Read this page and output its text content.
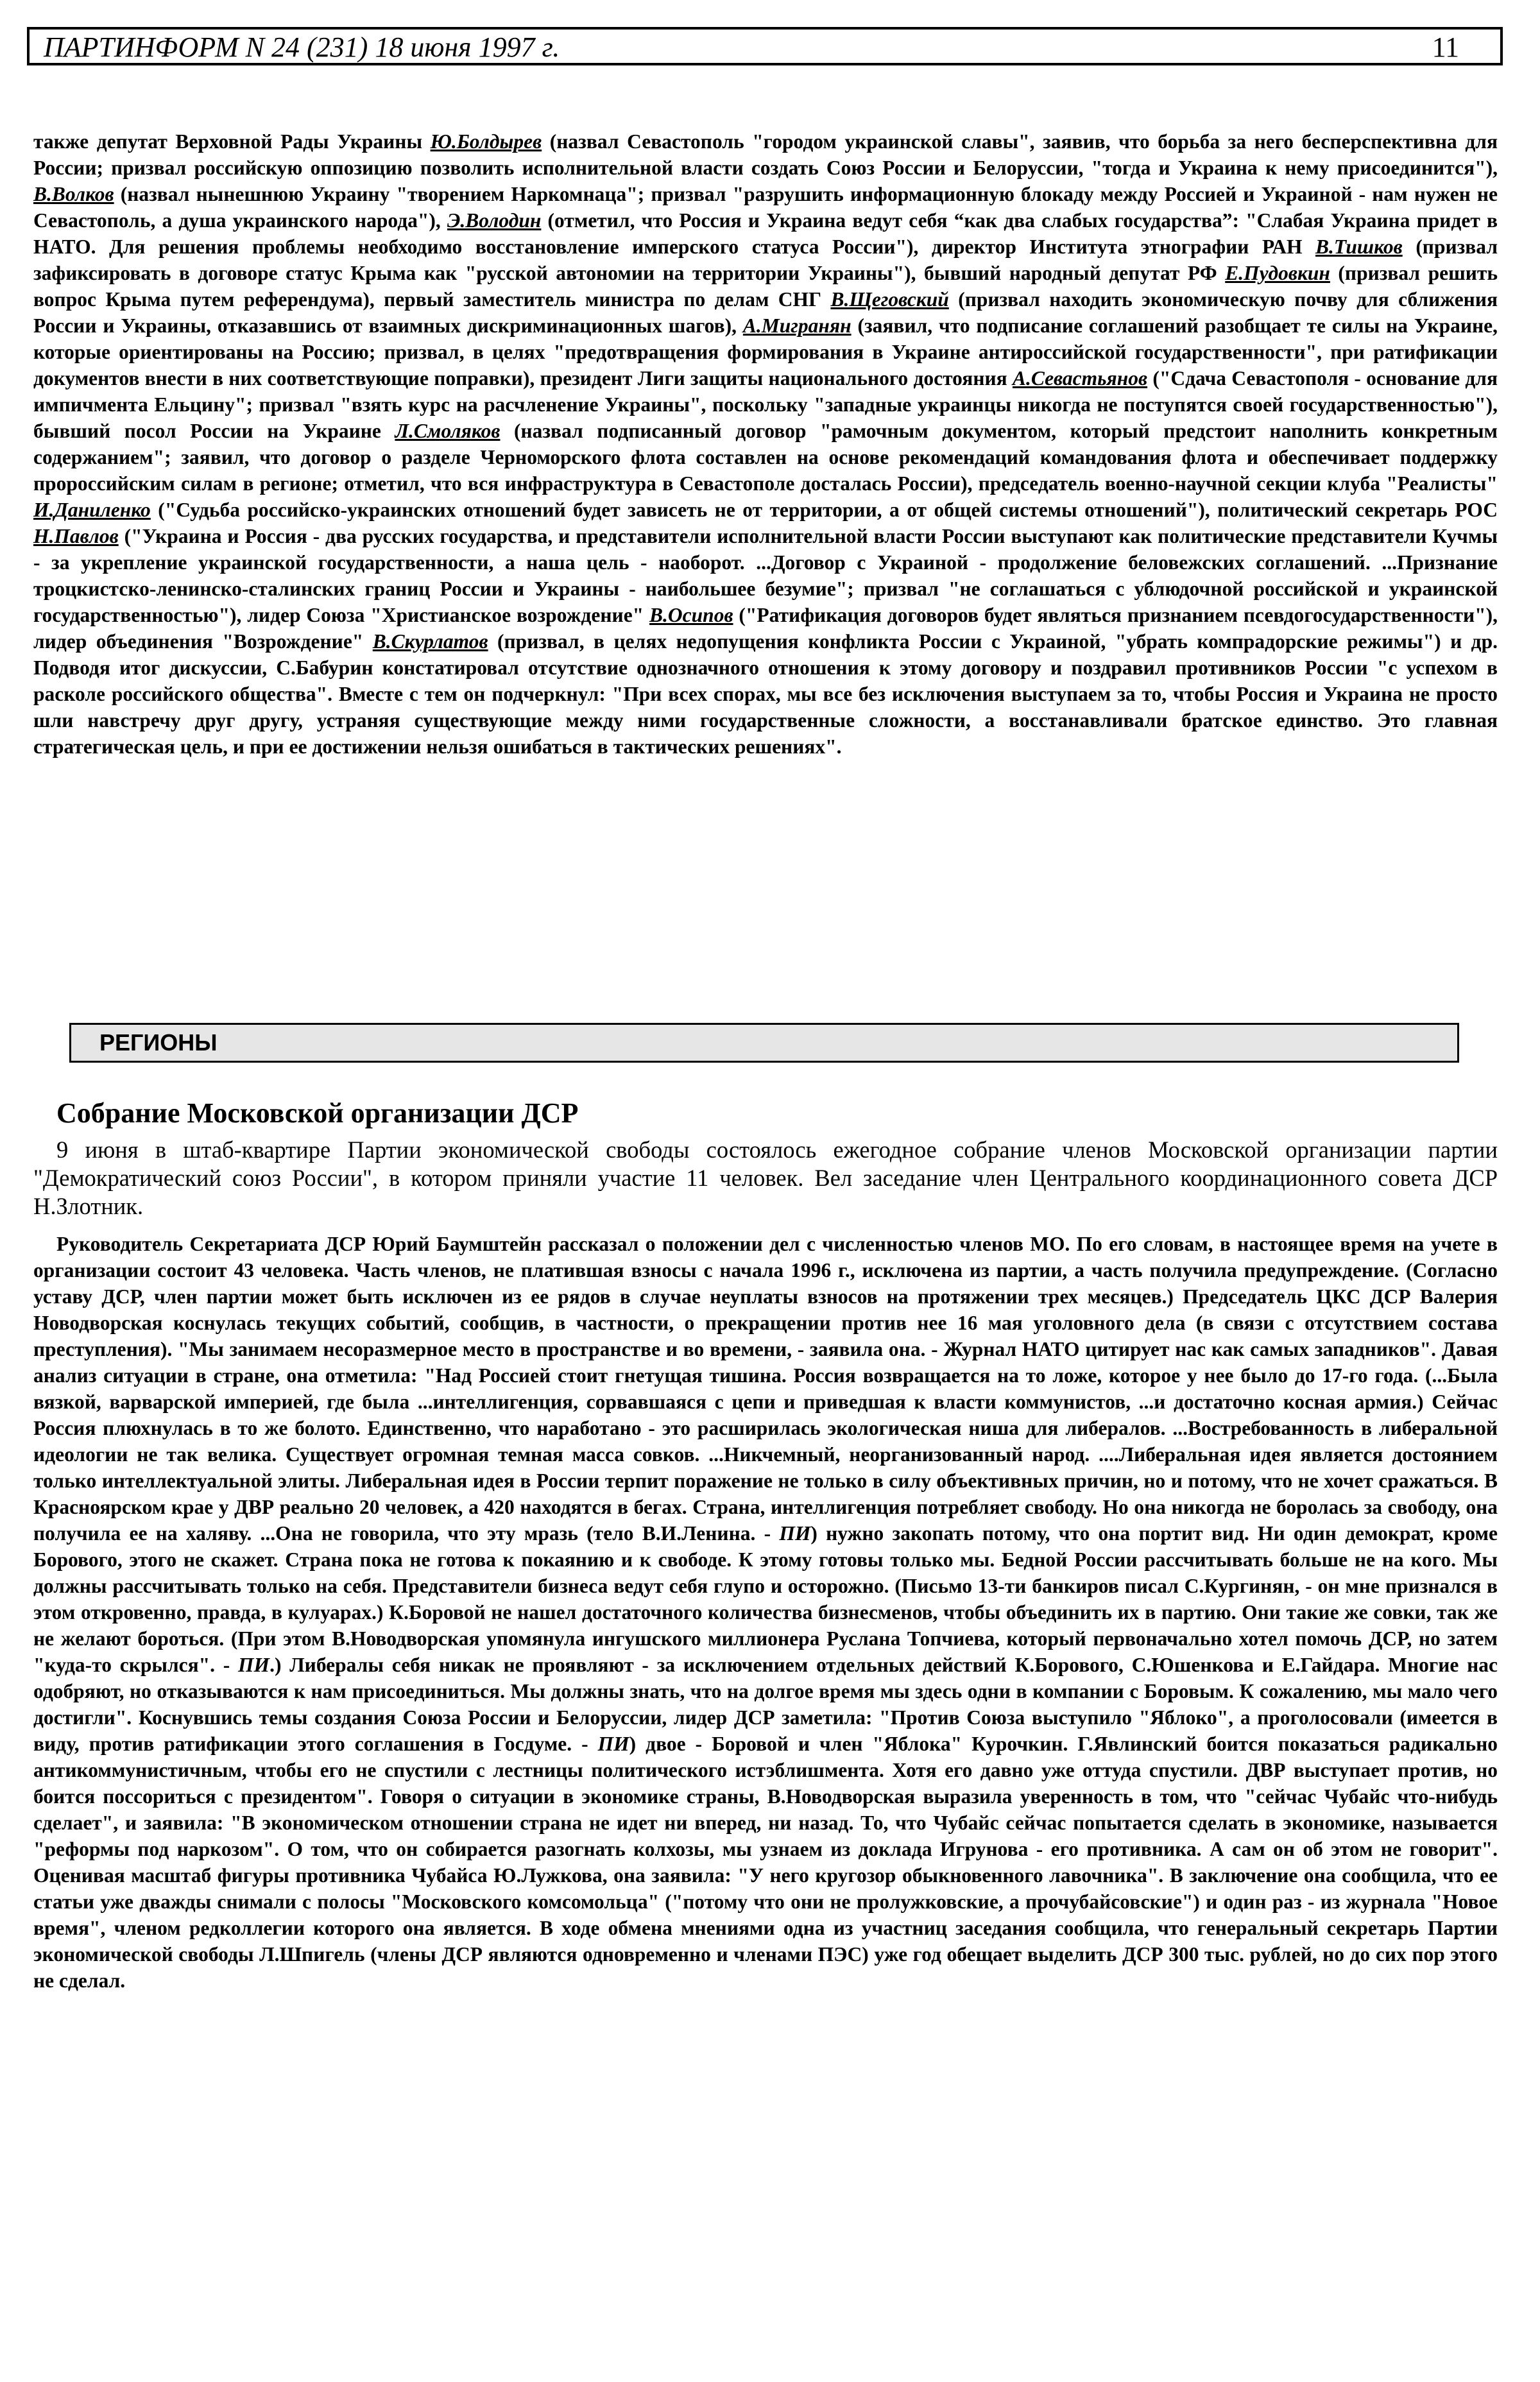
ПАРТИНФОРМ N 24 (231) 18 июня 1997 г.	11

также депутат Верховной Рады Украины Ю.Болдырев (назвал Севастополь "городом украинской славы", заявив, что борьба за него бесперспективна для России; призвал российскую оппозицию позволить исполнительной власти создать Союз России и Белоруссии, "тогда и Украина к нему присоединится"), В.Волков (назвал нынешнюю Украину "творением Наркомнаца"; призвал "разрушить информационную блокаду между Россией и Украиной - нам нужен не Севастополь, а душа украинского народа"), Э.Володин (отметил, что Россия и Украина ведут себя “как два слабых государства”: "Слабая Украина придет в НАТО. Для решения проблемы необходимо восстановление имперского статуса России"), директор Института этнографии РАН В.Тишков (призвал зафиксировать в договоре статус Крыма как "русской автономии на территории Украины"), бывший народный депутат РФ Е.Пудовкин (призвал решить вопрос Крыма путем референдума), первый заместитель министра по делам СНГ В.Щеговский (призвал находить экономическую почву для сближения России и Украины, отказавшись от взаимных дискриминационных шагов), А.Мигранян (заявил, что подписание соглашений разобщает те силы на Украине, которые ориентированы на Россию; призвал, в целях "предотвращения формирования в Украине антироссийской государственности", при ратификации документов внести в них соответствующие поправки), президент Лиги защиты национального достояния А.Севастьянов ("Сдача Севастополя - основание для импичмента Ельцину"; призвал "взять курс на расчленение Украины", поскольку "западные украинцы никогда не поступятся своей государственностью"), бывший посол России на Украине Л.Смоляков (назвал подписанный договор "рамочным документом, который предстоит наполнить конкретным содержанием"; заявил, что договор о разделе Черноморского флота составлен на основе рекомендаций командования флота и обеспечивает поддержку пророссийским силам в регионе; отметил, что вся инфраструктура в Севастополе досталась России), председатель военно-научной секции клуба "Реалисты" И.Даниленко ("Судьба российско-украинских отношений будет зависеть не от территории, а от общей системы отношений"), политический секретарь РОС Н.Павлов ("Украина и Россия - два русских государства, и представители исполнительной власти России выступают как политические представители Кучмы - за укрепление украинской государственности, а наша цель - наоборот. ...Договор с Украиной - продолжение беловежских соглашений. ...Признание троцкистско-ленинско-сталинских границ России и Украины - наибольшее безумие"; призвал "не соглашаться с ублюдочной российской и украинской государственностью"), лидер Союза "Христианское возрождение" В.Осипов ("Ратификация договоров будет являться признанием псевдогосударственности"), лидер объединения "Возрождение" В.Скурлатов (призвал, в целях недопущения конфликта России с Украиной, "убрать компрадорские режимы") и др. Подводя итог дискуссии, С.Бабурин констатировал отсутствие однозначного отношения к этому договору и поздравил противников России "с успехом в расколе российского общества". Вместе с тем он подчеркнул: "При всех спорах, мы все без исключения выступаем за то, чтобы Россия и Украина не просто шли навстречу друг другу, устраняя существующие между ними государственные сложности, а восстанавливали братское единство. Это главная стратегическая цель, и при ее достижении нельзя ошибаться в тактических решениях".

РЕГИОНЫ
Собрание Московской организации ДСР

9 июня в штаб-квартире Партии экономической свободы состоялось ежегодное собрание членов Московской организации партии "Демократический союз России", в котором приняли участие 11 человек. Вел заседание член Центрального координационного совета ДСР Н.Злотник.

Руководитель Секретариата ДСР Юрий Баумштейн рассказал о положении дел с численностью членов МО. По его словам, в настоящее время на учете в организации состоит 43 человека. Часть членов, не платившая взносы с начала 1996 г., исключена из партии, а часть получила предупреждение. (Согласно уставу ДСР, член партии может быть исключен из ее рядов в случае неуплаты взносов на протяжении трех месяцев.) Председатель ЦКС ДСР Валерия Новодворская коснулась текущих событий, сообщив, в частности, о прекращении против нее 16 мая уголовного дела (в связи с отсутствием состава преступления). "Мы занимаем несоразмерное место в пространстве и во времени, - заявила она. - Журнал НАТО цитирует нас как самых западников". Давая анализ ситуации в стране, она отметила: "Над Россией стоит гнетущая тишина. Россия возвращается на то ложе, которое у нее было до 17-го года. (...Была вязкой, варварской империей, где была ...интеллигенция, сорвавшаяся с цепи и приведшая к власти коммунистов, ...и достаточно косная армия.) Сейчас Россия плюхнулась в то же болото. Единственно, что наработано - это расширилась экологическая ниша для либералов. ...Востребованность в либеральной идеологии не так велика. Существует огромная темная масса совков. ...Никчемный, неорганизованный народ. ....Либеральная идея является достоянием только интеллектуальной элиты. Либеральная идея в России терпит поражение не только в силу объективных причин, но и потому, что не хочет сражаться. В Красноярском крае у ДВР реально 20 человек, а 420 находятся в бегах. Страна, интеллигенция потребляет свободу. Но она никогда не боролась за свободу, она получила ее на халяву. ...Она не говорила, что эту мразь (тело В.И.Ленина. - ПИ) нужно закопать потому, что она портит вид. Ни один демократ, кроме Борового, этого не скажет. Страна пока не готова к покаянию и к свободе. К этому готовы только мы. Бедной России рассчитывать больше не на кого. Мы должны рассчитывать только на себя. Представители бизнеса ведут себя глупо и осторожно. (Письмо 13-ти банкиров писал С.Кургинян, - он мне признался в этом откровенно, правда, в кулуарах.) К.Боровой не нашел достаточного количества бизнесменов, чтобы объединить их в партию. Они такие же совки, так же не желают бороться. (При этом В.Новодворская упомянула ингушского миллионера Руслана Топчиева, который первоначально хотел помочь ДСР, но затем "куда-то скрылся". - ПИ.) Либералы себя никак не проявляют - за исключением отдельных действий К.Борового, С.Юшенкова и Е.Гайдара. Многие нас одобряют, но отказываются к нам присоединиться. Мы должны знать, что на долгое время мы здесь одни в компании с Боровым. К сожалению, мы мало чего достигли". Коснувшись темы создания Союза России и Белоруссии, лидер ДСР заметила: "Против Союза выступило "Яблоко", а проголосовали (имеется в виду, против ратификации этого соглашения в Госдуме. - ПИ) двое - Боровой и член "Яблока" Курочкин. Г.Явлинский боится показаться радикально антикоммунистичным, чтобы его не спустили с лестницы политического истэблишмента. Хотя его давно уже оттуда спустили. ДВР выступает против, но боится поссориться с президентом". Говоря о ситуации в экономике страны, В.Новодворская выразила уверенность в том, что "сейчас Чубайс что-нибудь сделает", и заявила: "В экономическом отношении страна не идет ни вперед, ни назад. То, что Чубайс сейчас попытается сделать в экономике, называется "реформы под наркозом". О том, что он собирается разогнать колхозы, мы узнаем из доклада Игрунова - его противника. А сам он об этом не говорит". Оценивая масштаб фигуры противника Чубайса Ю.Лужкова, она заявила: "У него кругозор обыкновенного лавочника". В заключение она сообщила, что ее статьи уже дважды снимали с полосы "Московского комсомольца" ("потому что они не пролужковские, а прочубайсовские") и один раз - из журнала "Новое время", членом редколлегии которого она является. В ходе обмена мнениями одна из участниц заседания сообщила, что генеральный секретарь Партии экономической свободы Л.Шпигель (члены ДСР являются одновременно и членами ПЭС) уже год обещает выделить ДСР 300 тыс. рублей, но до сих пор этого не сделал.
